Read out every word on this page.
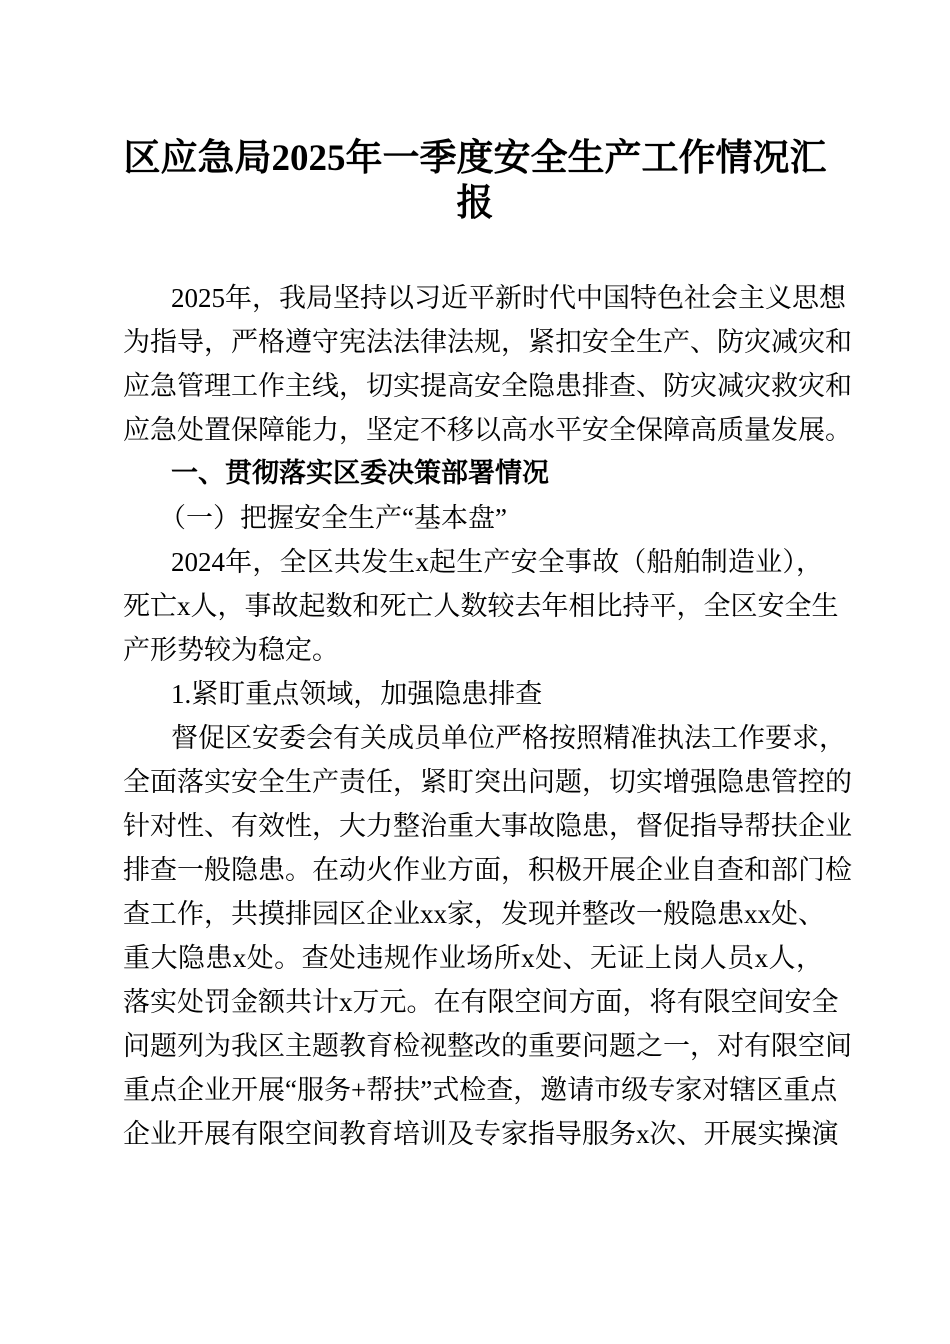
区应急局2025年一季度安全生产工作情况汇
报
2025年，我局坚持以习近平新时代中国特色社会主义思想
为指导，严格遵守宪法法律法规，紧扣安全生产、防灾减灾和
应急管理工作主线，切实提高安全隐患排查、防灾减灾救灾和
应急处置保障能力，坚定不移以高水平安全保障高质量发展。
一、贯彻落实区委决策部署情况
（一）把握安全生产“基本盘”
2024年，全区共发生x起生产安全事故（船舶制造业），
死亡x人，事故起数和死亡人数较去年相比持平，全区安全生
产形势较为稳定。
1.紧盯重点领域，加强隐患排查
督促区安委会有关成员单位严格按照精准执法工作要求，
全面落实安全生产责任，紧盯突出问题，切实增强隐患管控的
针对性、有效性，大力整治重大事故隐患，督促指导帮扶企业
排查一般隐患。在动火作业方面，积极开展企业自查和部门检
查工作，共摸排园区企业xx家，发现并整改一般隐患xx处、
重大隐患x处。查处违规作业场所x处、无证上岗人员x人，
落实处罚金额共计x万元。在有限空间方面，将有限空间安全
问题列为我区主题教育检视整改的重要问题之一，对有限空间
重点企业开展“服务+帮扶”式检查，邀请市级专家对辖区重点
企业开展有限空间教育培训及专家指导服务x次、开展实操演
